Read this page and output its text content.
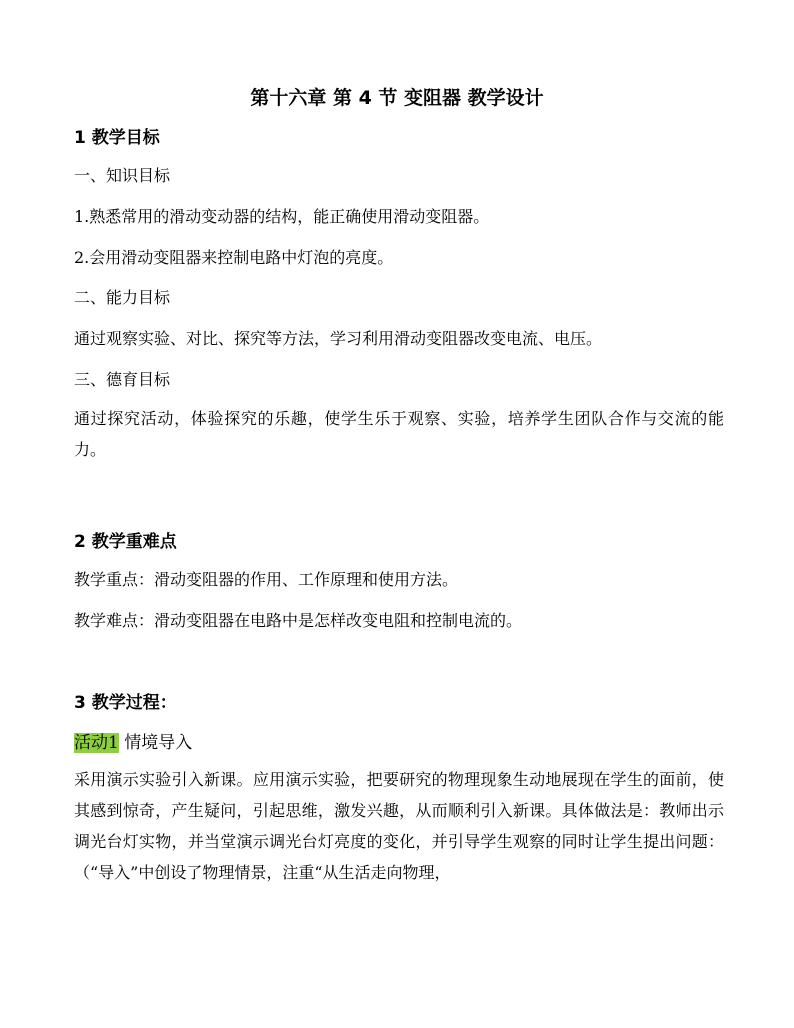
第十六章 第 4 节 变阻器 教学设计
1 教学目标
一、知识目标
1.熟悉常用的滑动变动器的结构，能正确使用滑动变阻器。
2.会用滑动变阻器来控制电路中灯泡的亮度。
二、能力目标
通过观察实验、对比、探究等方法，学习利用滑动变阻器改变电流、电压。
三、德育目标
通过探究活动，体验探究的乐趣，使学生乐于观察、实验，培养学生团队合作与交流的能力。
2 教学重难点
教学重点：滑动变阻器的作用、工作原理和使用方法。
教学难点：滑动变阻器在电路中是怎样改变电阻和控制电流的。
3 教学过程：
活动1 情境导入
采用演示实验引入新课。应用演示实验，把要研究的物理现象生动地展现在学生的面前，使其感到惊奇，产生疑问，引起思维，激发兴趣，从而顺利引入新课。具体做法是：教师出示调光台灯实物，并当堂演示调光台灯亮度的变化，并引导学生观察的同时让学生提出问题：（“导入”中创设了物理情景，注重“从生活走向物理，
